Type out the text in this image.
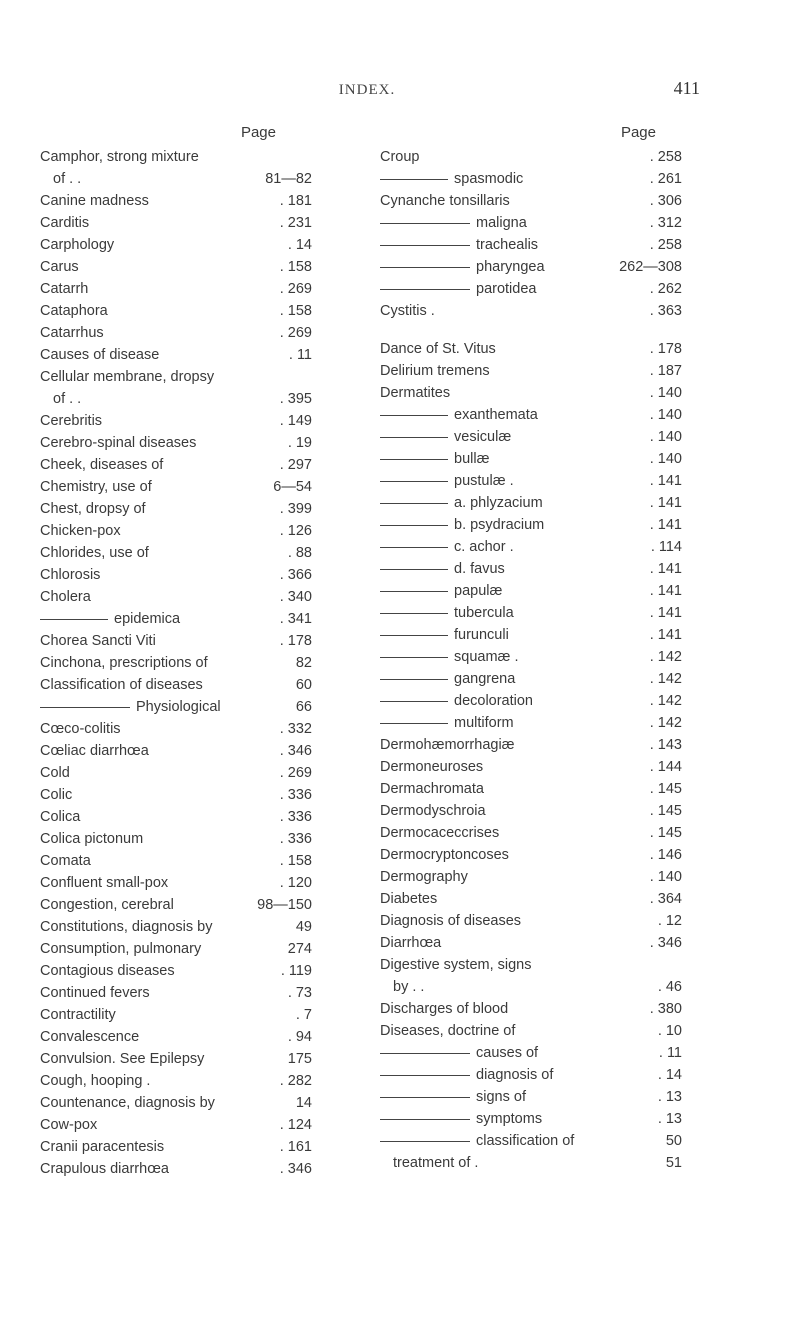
INDEX.	411
Page
Camphor, strong mixture
of . .	81—82
Canine madness	. 181
Carditis	. 231
Carphology	. 14
Carus	. 158
Catarrh	. 269
Cataphora	. 158
Catarrhus	. 269
Causes of disease	. 11
Cellular membrane, dropsy
of . .	. 395
Cerebritis	. 149
Cerebro-spinal diseases	. 19
Cheek, diseases of	. 297
Chemistry, use of	6—54
Chest, dropsy of	. 399
Chicken-pox	. 126
Chlorides, use of	. 88
Chlorosis	. 366
Cholera	. 340
epidemica	. 341
Chorea Sancti Viti	. 178
Cinchona, prescriptions of	82
Classification of diseases	60
Physiological	66
Cœco-colitis	. 332
Cœliac diarrhœa	. 346
Cold	. 269
Colic	. 336
Colica	. 336
Colica pictonum	. 336
Comata	. 158
Confluent small-pox	. 120
Congestion, cerebral	98—150
Constitutions, diagnosis by	49
Consumption, pulmonary	274
Contagious diseases	. 119
Continued fevers	. 73
Contractility	. 7
Convalescence	. 94
Convulsion. See Epilepsy	175
Cough, hooping .	. 282
Countenance, diagnosis by	14
Cow-pox	. 124
Cranii paracentesis	. 161
Crapulous diarrhœa	. 346
Page
Croup	. 258
spasmodic	. 261
Cynanche tonsillaris	. 306
maligna	. 312
trachealis	. 258
pharyngea	262—308
parotidea	. 262
Cystitis .	. 363
Dance of St. Vitus	. 178
Delirium tremens	. 187
Dermatites	. 140
exanthemata	. 140
vesiculæ	. 140
bullæ	. 140
pustulæ .	. 141
a. phlyzacium	. 141
b. psydracium	. 141
c. achor .	. 114
d. favus	. 141
papulæ	. 141
tubercula	. 141
furunculi	. 141
squamæ .	. 142
gangrena	. 142
decoloration	. 142
multiform	. 142
Dermohæmorrhagiæ	. 143
Dermoneuroses	. 144
Dermachromata	. 145
Dermodyschroia	. 145
Dermocaceccrises	. 145
Dermocryptoncoses	. 146
Dermography	. 140
Diabetes	. 364
Diagnosis of diseases	. 12
Diarrhœa	. 346
Digestive system, signs
by . .	. 46
Discharges of blood	. 380
Diseases, doctrine of	. 10
causes of	. 11
diagnosis of	. 14
signs of	. 13
symptoms	. 13
classification of	50
treatment of .	51
